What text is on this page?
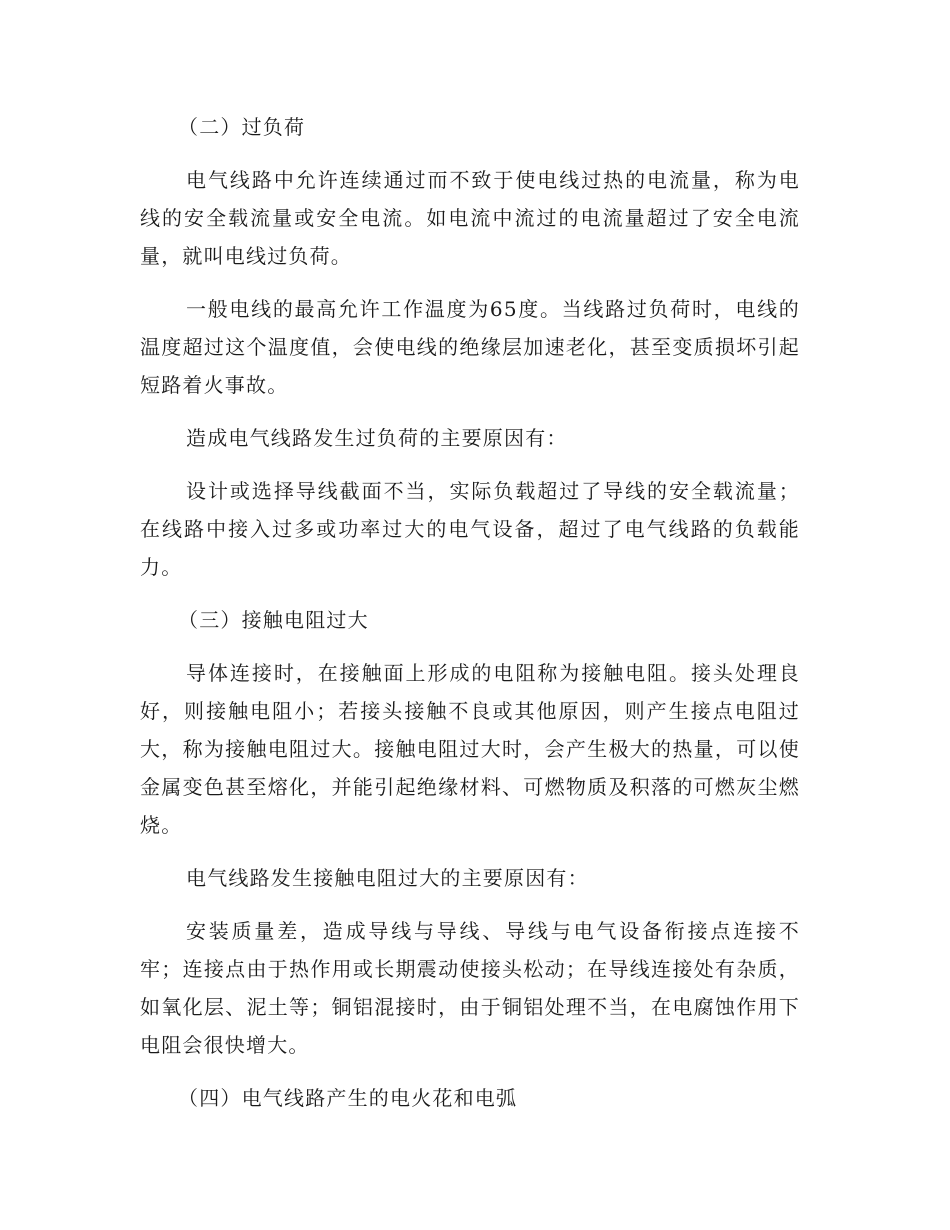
（二）过负荷

电气线路中允许连续通过而不致于使电线过热的电流量，称为电线的安全载流量或安全电流。如电流中流过的电流量超过了安全电流量，就叫电线过负荷。

一般电线的最高允许工作温度为65度。当线路过负荷时，电线的温度超过这个温度值，会使电线的绝缘层加速老化，甚至变质损坏引起短路着火事故。

造成电气线路发生过负荷的主要原因有：

设计或选择导线截面不当，实际负载超过了导线的安全载流量；在线路中接入过多或功率过大的电气设备，超过了电气线路的负载能力。

（三）接触电阻过大

导体连接时，在接触面上形成的电阻称为接触电阻。接头处理良好，则接触电阻小；若接头接触不良或其他原因，则产生接点电阻过大，称为接触电阻过大。接触电阻过大时，会产生极大的热量，可以使金属变色甚至熔化，并能引起绝缘材料、可燃物质及积落的可燃灰尘燃烧。

电气线路发生接触电阻过大的主要原因有：

安装质量差，造成导线与导线、导线与电气设备衔接点连接不牢；连接点由于热作用或长期震动使接头松动；在导线连接处有杂质，如氧化层、泥土等；铜铝混接时，由于铜铝处理不当，在电腐蚀作用下电阻会很快增大。

（四）电气线路产生的电火花和电弧
